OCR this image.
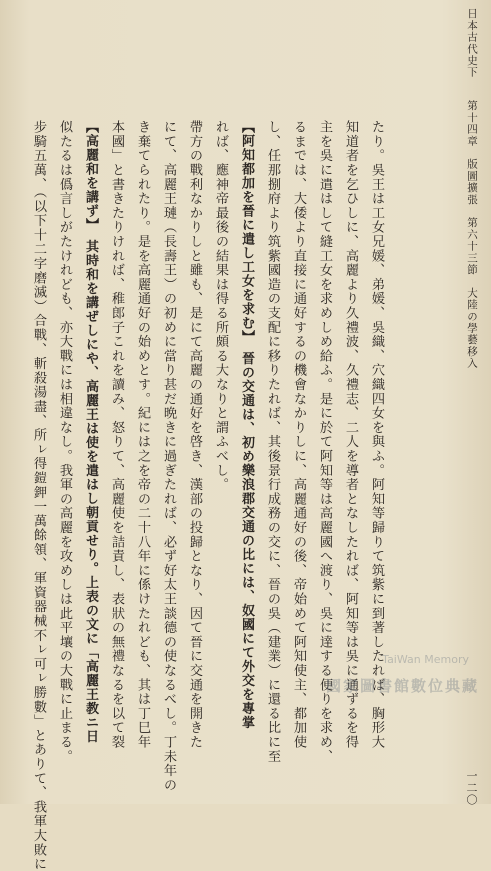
日本古代史下
第十四章　版圖擴張　第六十三節　大陸の學藝移入
步騎五萬、（以下十二字磨滅）合戰、斬殺湯盡、所ㇾ得鎧鉀一萬餘領、軍資器械不ㇾ可ㇾ勝數」とありて、我軍大敗に 似たるは僞言しがたけれども、亦大戰には相違なし。我軍の高麗を攻めしは此平壤の大戰に止まる。 【高麗和を講ず】　其時和を講ぜしにや、高麗王は使を遣はし朝貢せり。上表の文に「高麗王教ニ日 本國」と書きたりければ、稚郎子これを讀み、怒りて、高麗使を詰責し、表狀の無禮なるを以て裂 き棄てられたり。是を高麗通好の始めとす。紀には之を帝の二十八年に係けたれども、其は丁巳年 にて、高麗王璉（長壽王）の初めに當り甚だ晩きに過ぎたれば、必ず好太王談德の使なるべし。丁未年の 帶方の戰利なかりしと雖も、是にて高麗の通好を啓き、漢部の投歸となり、因て晉に交通を開きた れば、應神帝最後の結果は得る所頗る大なりと謂ふべし。 【阿知都加を晉に遣し工女を求む】　晉の交通は、初め樂浪郡交通の比には、奴國にて外交を專掌 し、任那捌府より筑紫國造の支配に移りたれば、其後景行成務の交に、晉の吳（建業）に還る比に至 るまでは、大倭より直接に通好するの機會なかりしに、高麗通好の後、帝始めて阿知使主、都加使 主を吳に遣はして縫工女を求めしめ給ふ。是に於て阿知等は高麗國へ渡り、吳に達する便りを求め、 知道者を乞ひしに、高麗より久禮波、久禮志、二人を導者となしたれば、阿知等は吳に通ずるを得 たり。吳王は工女兄媛、弟媛、吳織、穴織四女を與ふ。阿知等歸りて筑紫に到著したれば、胸形大
一二〇
TaiWan Memory
國家圖書館數位典藏
